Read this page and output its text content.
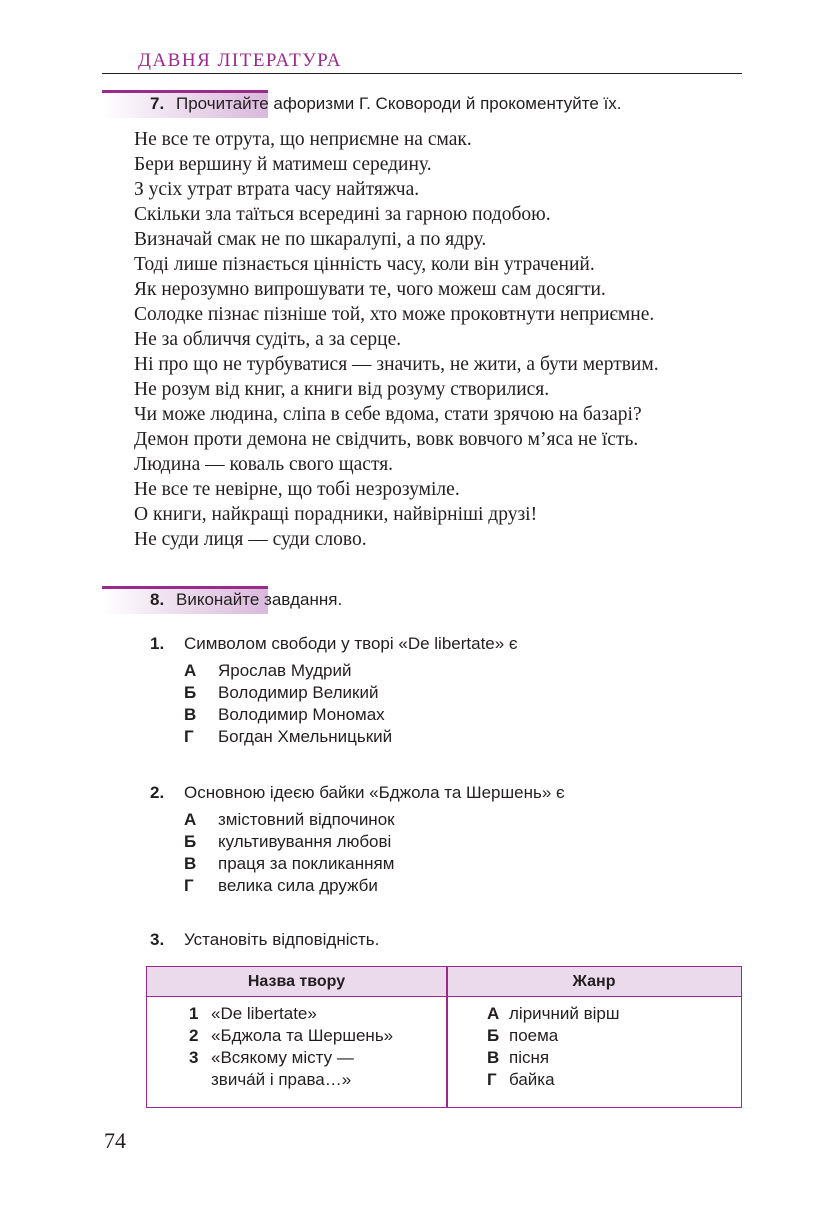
ДАВНЯ ЛІТЕРАТУРА
7. Прочитайте афоризми Г. Сковороди й прокоментуйте їх.
Не все те отрута, що неприємне на смак.
Бери вершину й матимеш середину.
З усіх утрат втрата часу найтяжча.
Скільки зла таїться всередині за гарною подобою.
Визначай смак не по шкаралупі, а по ядру.
Тоді лише пізнається цінність часу, коли він утрачений.
Як нерозумно випрошувати те, чого можеш сам досягти.
Солодке пізнає пізніше той, хто може проковтнути неприємне.
Не за обличчя судіть, а за серце.
Ні про що не турбуватися — значить, не жити, а бути мертвим.
Не розум від книг, а книги від розуму створилися.
Чи може людина, сліпа в себе вдома, стати зрячою на базарі?
Демон проти демона не свідчить, вовк вовчого м’яса не їсть.
Людина — коваль свого щастя.
Не все те невірне, що тобі незрозуміле.
О книги, найкращі порадники, найвірніші друзі!
Не суди лиця — суди слово.
8. Виконайте завдання.
1. Символом свободи у творі «De libertate» є
А Ярослав Мудрий
Б Володимир Великий
В Володимир Мономах
Г Богдан Хмельницький
2. Основною ідеєю байки «Бджола та Шершень» є
А змістовний відпочинок
Б культивування любові
В праця за покликанням
Г велика сила дружби
3. Установіть відповідність.
Назва твору	Жанр
1 «De libertate»
2 «Бджола та Шершень»
3 «Всякому місту — звича́й і права…»
А ліричний вірш
Б поема
В пісня
Г байка
74
